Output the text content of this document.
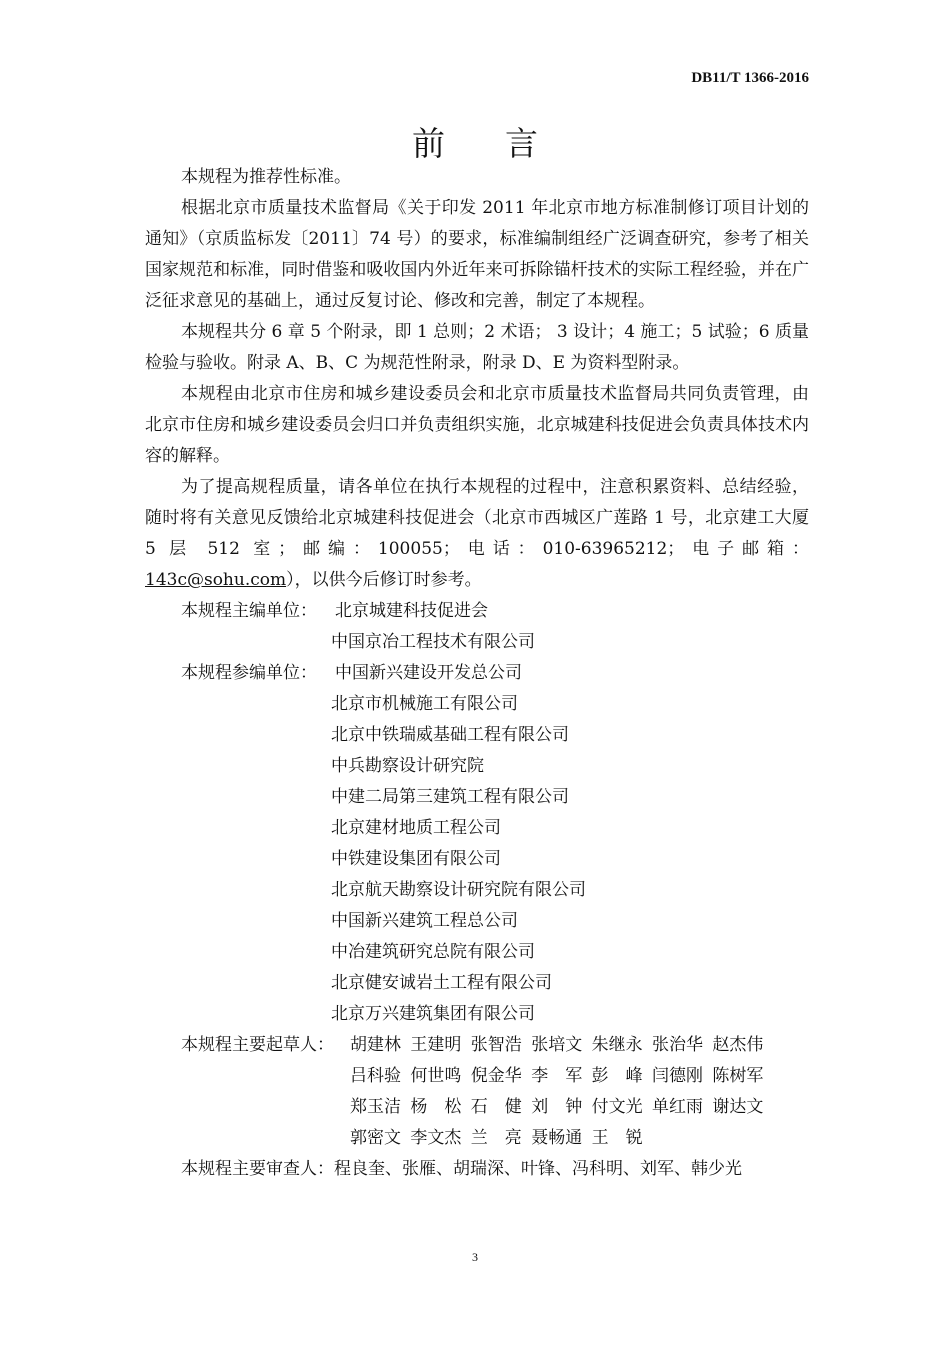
DB11/T 1366-2016
前言

本规程为推荐性标准。

根据北京市质量技术监督局《关于印发 2011 年北京市地方标准制修订项目计划的通知》（京质监标发〔2011〕74 号）的要求，标准编制组经广泛调查研究，参考了相关国家规范和标准，同时借鉴和吸收国内外近年来可拆除锚杆技术的实际工程经验，并在广泛征求意见的基础上，通过反复讨论、修改和完善，制定了本规程。

本规程共分 6 章 5 个附录，即 1 总则；2 术语； 3 设计；4 施工；5 试验；6 质量检验与验收。附录 A、B、C 为规范性附录，附录 D、E 为资料型附录。

本规程由北京市住房和城乡建设委员会和北京市质量技术监督局共同负责管理，由北京市住房和城乡建设委员会归口并负责组织实施，北京城建科技促进会负责具体技术内容的解释。

为了提高规程质量，请各单位在执行本规程的过程中，注意积累资料、总结经验，随时将有关意见反馈给北京城建科技促进会（北京市西城区广莲路 1 号，北京建工大厦 5 层 512 室；邮编：100055；电话：010-63965212；电子邮箱：143c@sohu.com），以供今后修订时参考。

本规程主编单位：	北京城建科技促进会
中国京冶工程技术有限公司
本规程参编单位：	中国新兴建设开发总公司
北京市机械施工有限公司
北京中铁瑞威基础工程有限公司
中兵勘察设计研究院
中建二局第三建筑工程有限公司
北京建材地质工程公司
中铁建设集团有限公司
北京航天勘察设计研究院有限公司
中国新兴建筑工程总公司
中冶建筑研究总院有限公司
北京健安诚岩土工程有限公司
北京万兴建筑集团有限公司
本规程主要起草人： 胡建林 王建明 张智浩 张培文 朱继永 张治华 赵杰伟
吕科验 何世鸣 倪金华 李　军 彭　峰 闫德刚 陈树军
郑玉洁 杨　松 石　健 刘　钟 付文光 单红雨 谢达文
郭密文 李文杰 兰　亮 聂畅通 王　锐
本规程主要审查人：程良奎、张雁、胡瑞深、叶锋、冯科明、刘军、韩少光
3
